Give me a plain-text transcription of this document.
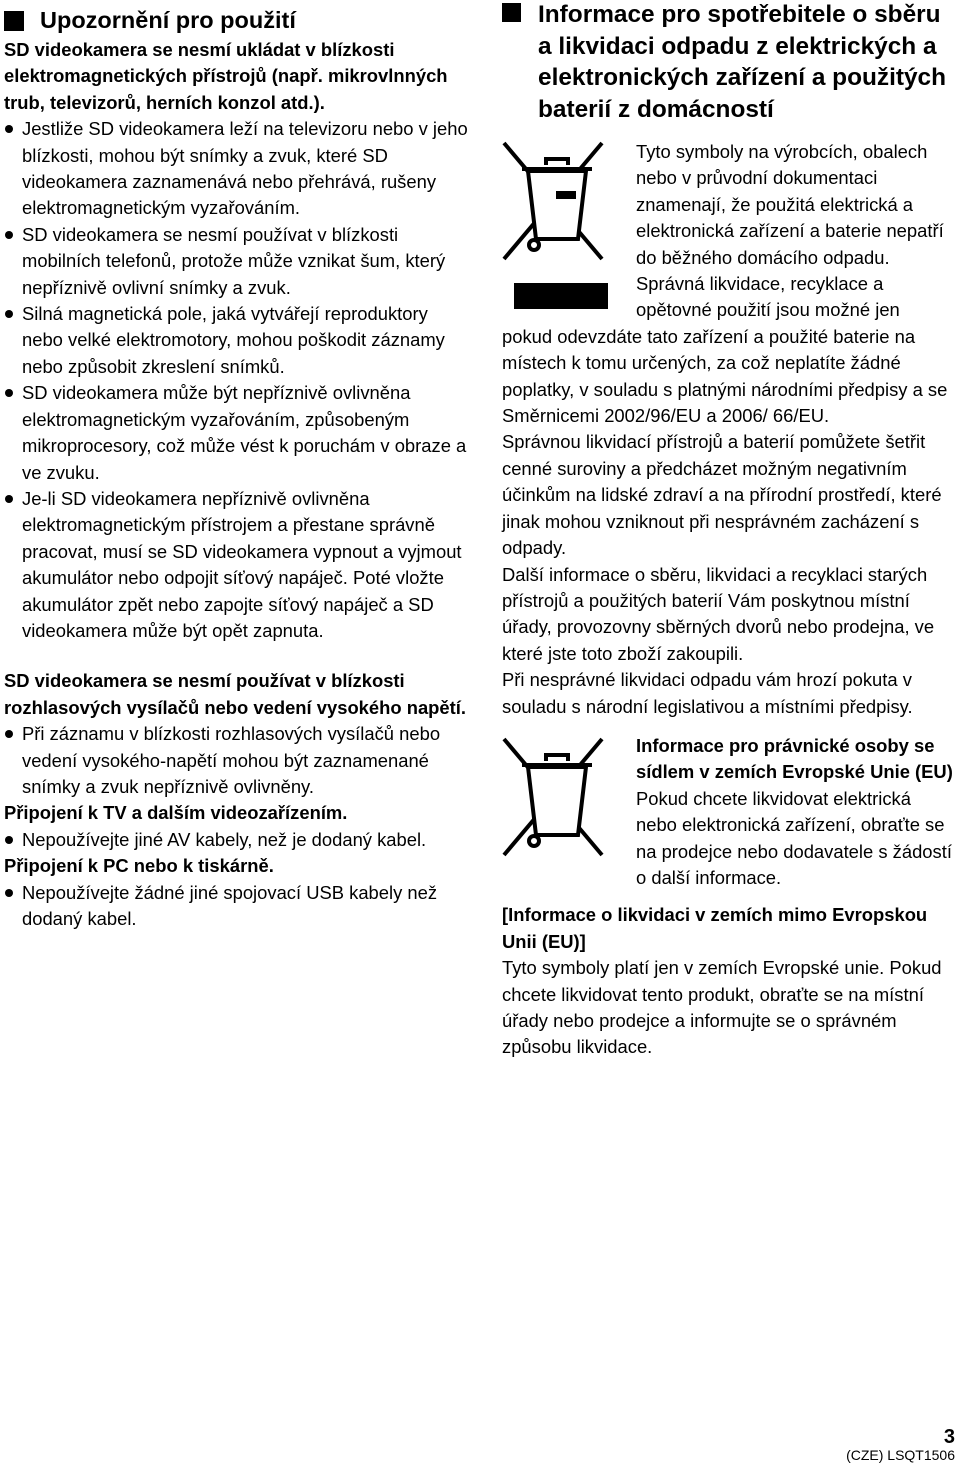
Upozornění pro použití
SD videokamera se nesmí ukládat v blízkosti elektromagnetických přístrojů (např. mikrovlnných trub, televizorů, herních konzol atd.).
Jestliže SD videokamera leží na televizoru nebo v jeho blízkosti, mohou být snímky a zvuk, které SD videokamera zaznamenává nebo přehrává, rušeny elektromagnetickým vyzařováním.
SD videokamera se nesmí používat v blízkosti mobilních telefonů, protože může vznikat šum, který nepříznivě ovlivní snímky a zvuk.
Silná magnetická pole, jaká vytvářejí reproduktory nebo velké elektromotory, mohou poškodit záznamy nebo způsobit zkreslení snímků.
SD videokamera může být nepříznivě ovlivněna elektromagnetickým vyzařováním, způsobeným mikroprocesory, což může vést k poruchám v obraze a ve zvuku.
Je-li SD videokamera nepříznivě ovlivněna elektromagnetickým přístrojem a přestane správně pracovat, musí se SD videokamera vypnout a vyjmout akumulátor nebo odpojit síťový napáječ. Poté vložte akumulátor zpět nebo zapojte síťový napáječ a SD videokamera může být opět zapnuta.
SD videokamera se nesmí používat v blízkosti rozhlasových vysílačů nebo vedení vysokého napětí.
Při záznamu v blízkosti rozhlasových vysílačů nebo vedení vysokého-napětí mohou být zaznamenané snímky a zvuk nepříznivě ovlivněny.
Připojení k TV a dalším videozařízením.
Nepoužívejte jiné AV kabely, než je dodaný kabel.
Připojení k PC nebo k tiskárně.
Nepoužívejte žádné jiné spojovací USB kabely než dodaný kabel.
Informace pro spotřebitele o sběru a likvidaci odpadu z elektrických a elektronických zařízení a použitých baterií z domácností
Tyto symboly na výrobcích, obalech nebo v průvodní dokumentaci znamenají, že použitá elektrická a elektronická zařízení a baterie nepatří do běžného domácího odpadu. Správná likvidace, recyklace a opětovné použití jsou možné jen
pokud odevzdáte tato zařízení a použité baterie na místech k tomu určených, za což neplatíte žádné poplatky, v souladu s platnými národními předpisy a se Směrnicemi 2002/96/EU a 2006/ 66/EU.
Správnou likvidací přístrojů a baterií pomůžete šetřit cenné suroviny a předcházet možným negativním účinkům na lidské zdraví a na přírodní prostředí, které jinak mohou vzniknout při nesprávném zacházení s odpady.
Další informace o sběru, likvidaci a recyklaci starých přístrojů a použitých baterií Vám poskytnou místní úřady, provozovny sběrných dvorů nebo prodejna, ve které jste toto zboží zakoupili.
Při nesprávné likvidaci odpadu vám hrozí pokuta v souladu s národní legislativou a místními předpisy.
Informace pro právnické osoby se sídlem v zemích Evropské Unie (EU)
Pokud chcete likvidovat elektrická nebo elektronická zařízení, obraťte se na prodejce nebo dodavatele s žádostí o další informace.
[Informace o likvidaci v zemích mimo Evropskou Unii (EU)]
Tyto symboly platí jen v zemích Evropské unie. Pokud chcete likvidovat tento produkt, obraťte se na místní úřady nebo prodejce a informujte se o správném způsobu likvidace.
3
(CZE) LSQT1506
